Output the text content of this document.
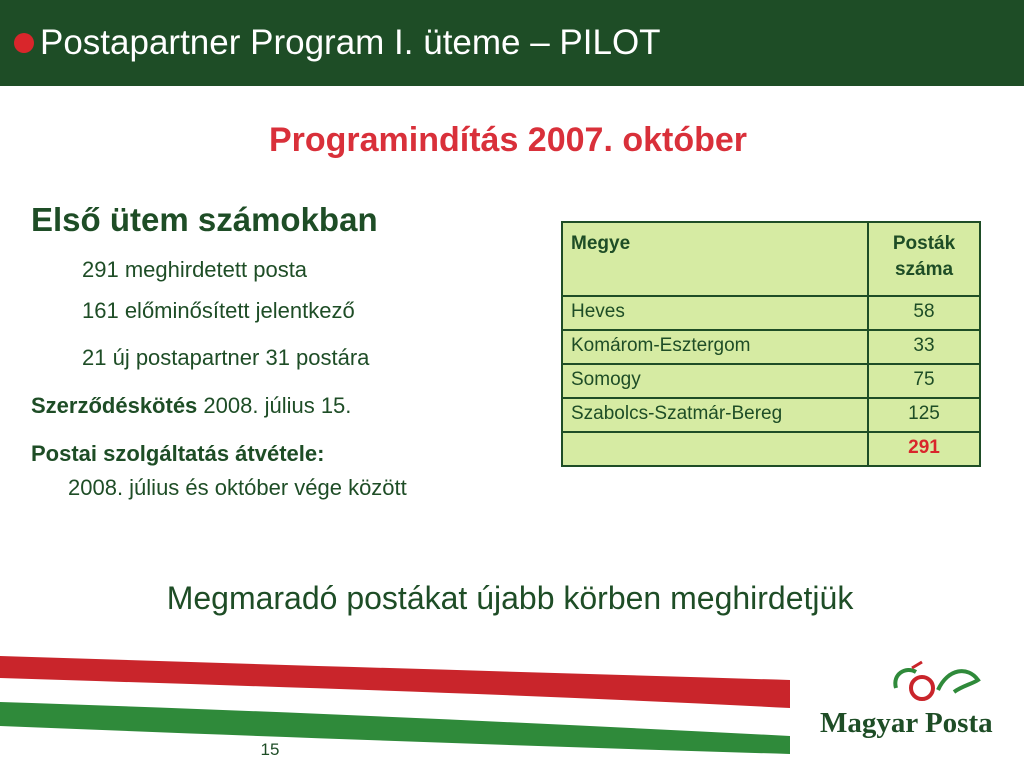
Postapartner Program I. üteme – PILOT
Programindítás 2007. október
Első ütem számokban
291 meghirdetett posta
161 előminősített jelentkező
21 új postapartner 31 postára
Szerződéskötés 2008. július 15.
Postai szolgáltatás átvétele:
2008. július és október vége között
Megye	Posták
száma
Heves	58
Komárom-Esztergom	33
Somogy	75
Szabolcs-Szatmár-Bereg	125
	291
Megmaradó postákat újabb körben meghirdetjük
15
Magyar Posta
